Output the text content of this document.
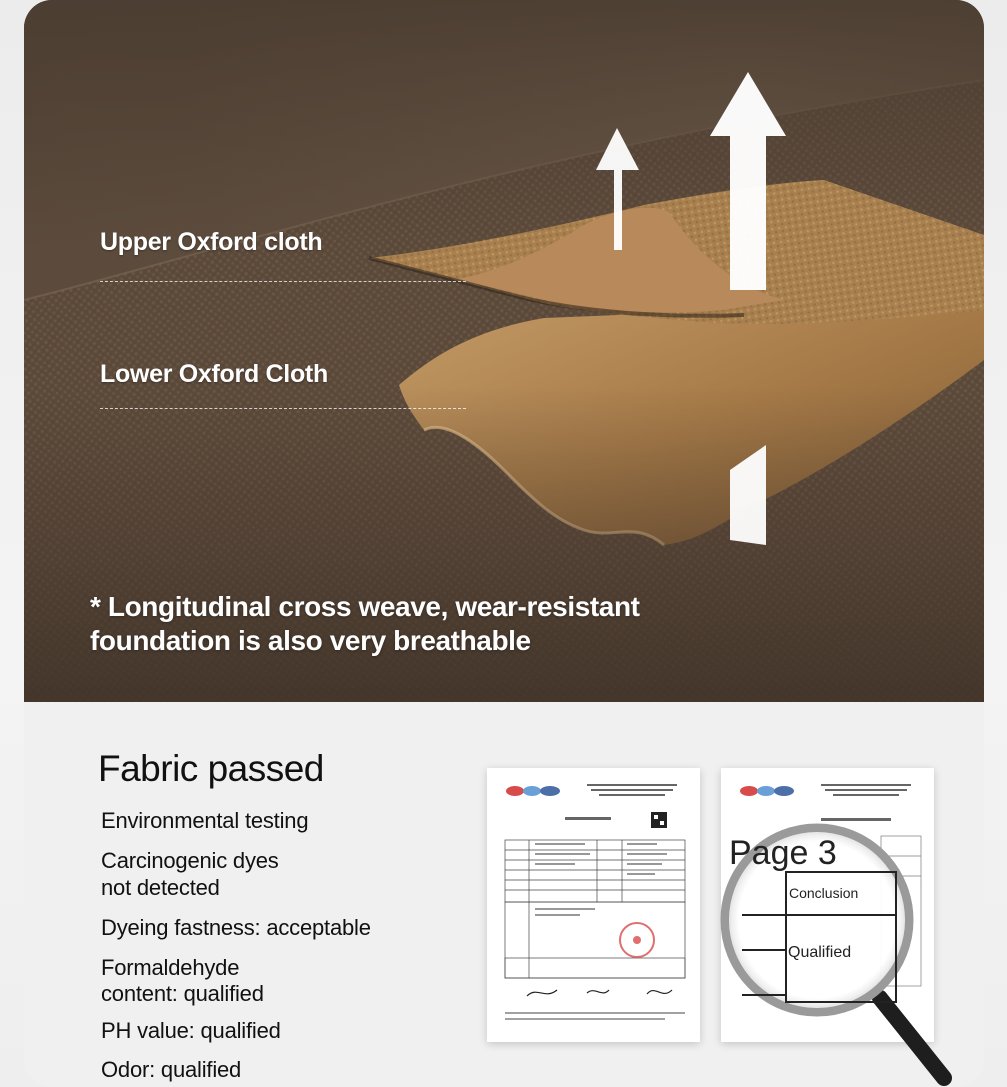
Upper Oxford cloth
Lower Oxford Cloth
* Longitudinal cross weave, wear-resistant
foundation is also very breathable
Fabric passed
Environmental testing
Carcinogenic dyes
not detected
Dyeing fastness: acceptable
Formaldehyde
content: qualified
PH value: qualified
Odor: qualified
Page 3
Conclusion
Qualified
